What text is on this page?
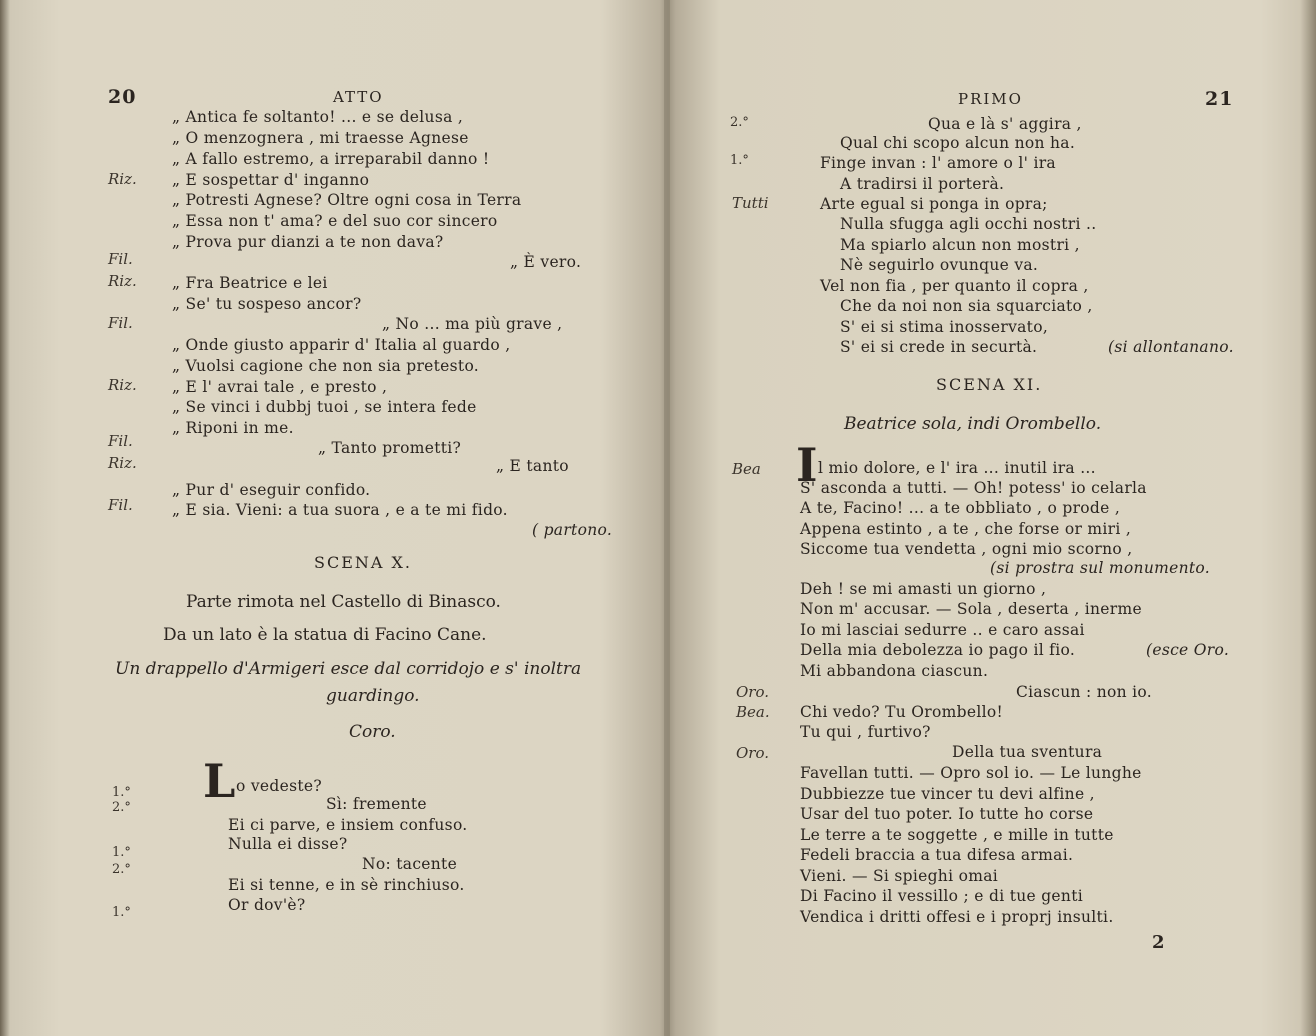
20	ATTO
Riz.
Fil.
Riz.
Fil.
Riz.
Fil.
Riz.
Fil.
„ Antica fe soltanto! ... e se delusa ,
„ O menzognera , mi traesse Agnese
„ A fallo estremo, a irreparabil danno !
„ E sospettar d' inganno
„ Potresti Agnese? Oltre ogni cosa in Terra
„ Essa non t' ama? e del suo cor sincero
„ Prova pur dianzi a te non dava?
„ È vero.
„ Fra Beatrice e lei
„ Se' tu sospeso ancor?
„ No ... ma più grave ,
„ Onde giusto apparir d' Italia al guardo ,
„ Vuolsi cagione che non sia pretesto.
„ E l' avrai tale , e presto ,
„ Se vinci i dubbj tuoi , se intera fede
„ Riponi in me.
„ Tanto prometti?
„ E tanto
„ Pur d' eseguir confido.
„ E sia. Vieni: a tua suora , e a te mi fido.
( partono.
SCENA X.
Parte rimota nel Castello di Binasco.
Da un lato è la statua di Facino Cane.
Un drappello d'Armigeri esce dal corridojo e s' inoltra
guardingo.
Coro.
1.°
2.°
1.°
2.°
1.°
L o vedeste?
Sì: fremente
Ei ci parve, e insiem confuso.
Nulla ei disse?
No: tacente
Ei si tenne, e in sè rinchiuso.
Or dov'è?
PRIMO	21
2.°
1.°
Tutti
Qua e là s' aggira ,
Qual chi scopo alcun non ha.
Finge invan : l' amore o l' ira
A tradirsi il porterà.
Arte egual si ponga in opra;
Nulla sfugga agli occhi nostri ..
Ma spiarlo alcun non mostri ,
Nè seguirlo ovunque va.
Vel non fia , per quanto il copra ,
Che da noi non sia squarciato ,
S' ei si stima inosservato,
S' ei si crede in securtà.	(si allontanano.
SCENA XI.
Beatrice sola, indi Orombello.
Bea
Oro.
Bea.
Oro.
I l mio dolore, e l' ira ... inutil ira ...
S' asconda a tutti. — Oh! potess' io celarla
A te, Facino! ... a te obbliato , o prode ,
Appena estinto , a te , che forse or miri ,
Siccome tua vendetta , ogni mio scorno ,
(si prostra sul monumento.
Deh ! se mi amasti un giorno ,
Non m' accusar. — Sola , deserta , inerme
Io mi lasciai sedurre .. e caro assai
Della mia debolezza io pago il fio.	(esce Oro.
Mi abbandona ciascun.
Ciascun : non io.
Chi vedo? Tu Orombello!
Tu qui , furtivo?
Della tua sventura
Favellan tutti. — Opro sol io. — Le lunghe
Dubbiezze tue vincer tu devi alfine ,
Usar del tuo poter. Io tutte ho corse
Le terre a te soggette , e mille in tutte
Fedeli braccia a tua difesa armai.
Vieni. — Si spieghi omai
Di Facino il vessillo ; e di tue genti
Vendica i dritti offesi e i proprj insulti.
2
